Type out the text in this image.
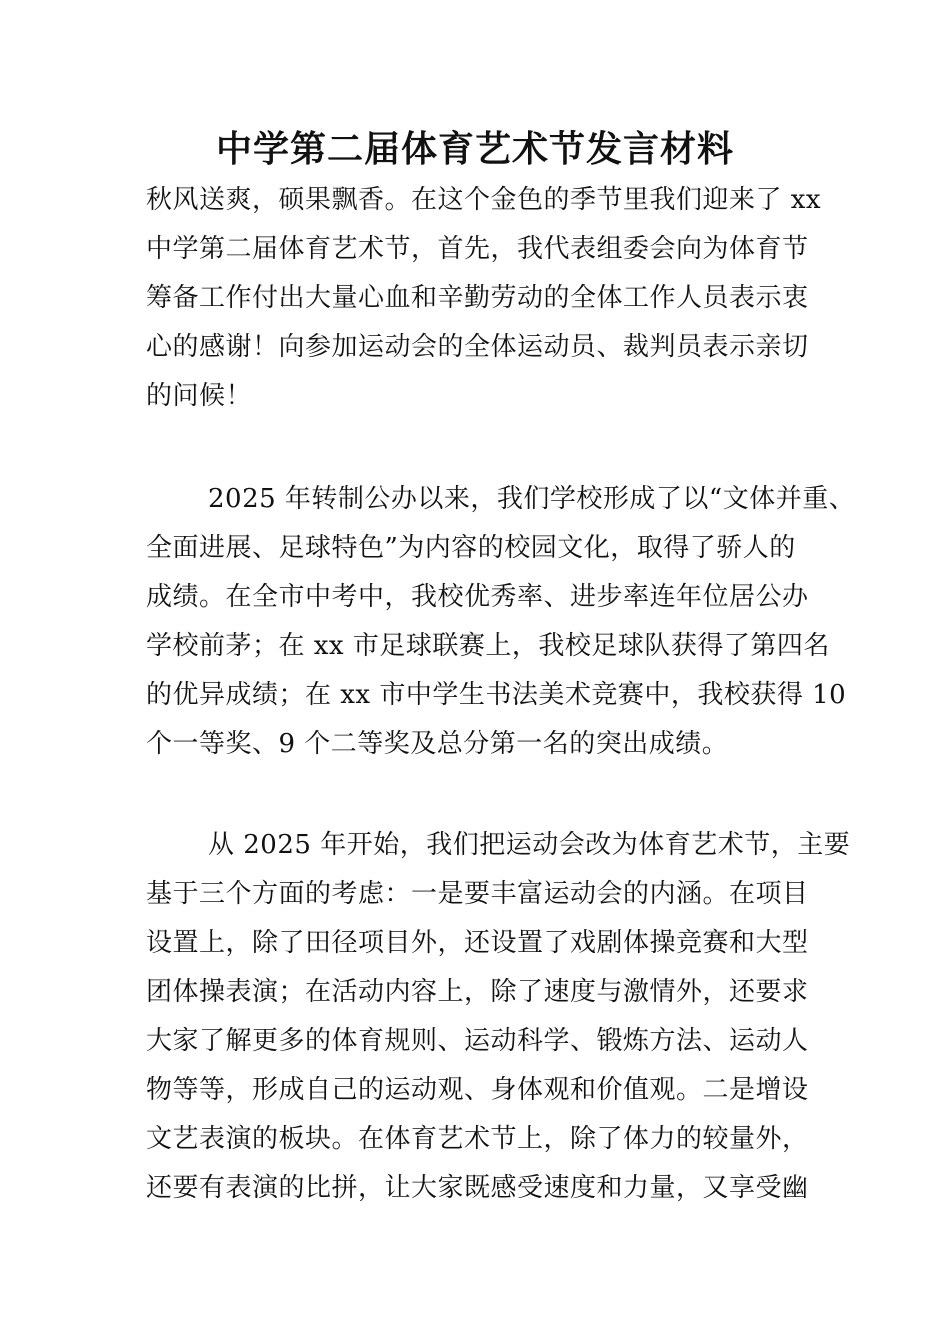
中学第二届体育艺术节发言材料
秋风送爽，硕果飘香。在这个金色的季节里我们迎来了 xx
中学第二届体育艺术节，首先，我代表组委会向为体育节
筹备工作付出大量心血和辛勤劳动的全体工作人员表示衷
心的感谢！向参加运动会的全体运动员、裁判员表示亲切
的问候！
2025 年转制公办以来，我们学校形成了以“文体并重、
全面进展、足球特色”为内容的校园文化，取得了骄人的
成绩。在全市中考中，我校优秀率、进步率连年位居公办
学校前茅；在 xx 市足球联赛上，我校足球队获得了第四名
的优异成绩；在 xx 市中学生书法美术竞赛中，我校获得 10
个一等奖、9 个二等奖及总分第一名的突出成绩。
从 2025 年开始，我们把运动会改为体育艺术节，主要
基于三个方面的考虑：一是要丰富运动会的内涵。在项目
设置上，除了田径项目外，还设置了戏剧体操竞赛和大型
团体操表演；在活动内容上，除了速度与激情外，还要求
大家了解更多的体育规则、运动科学、锻炼方法、运动人
物等等，形成自己的运动观、身体观和价值观。二是增设
文艺表演的板块。在体育艺术节上，除了体力的较量外，
还要有表演的比拼，让大家既感受速度和力量，又享受幽
